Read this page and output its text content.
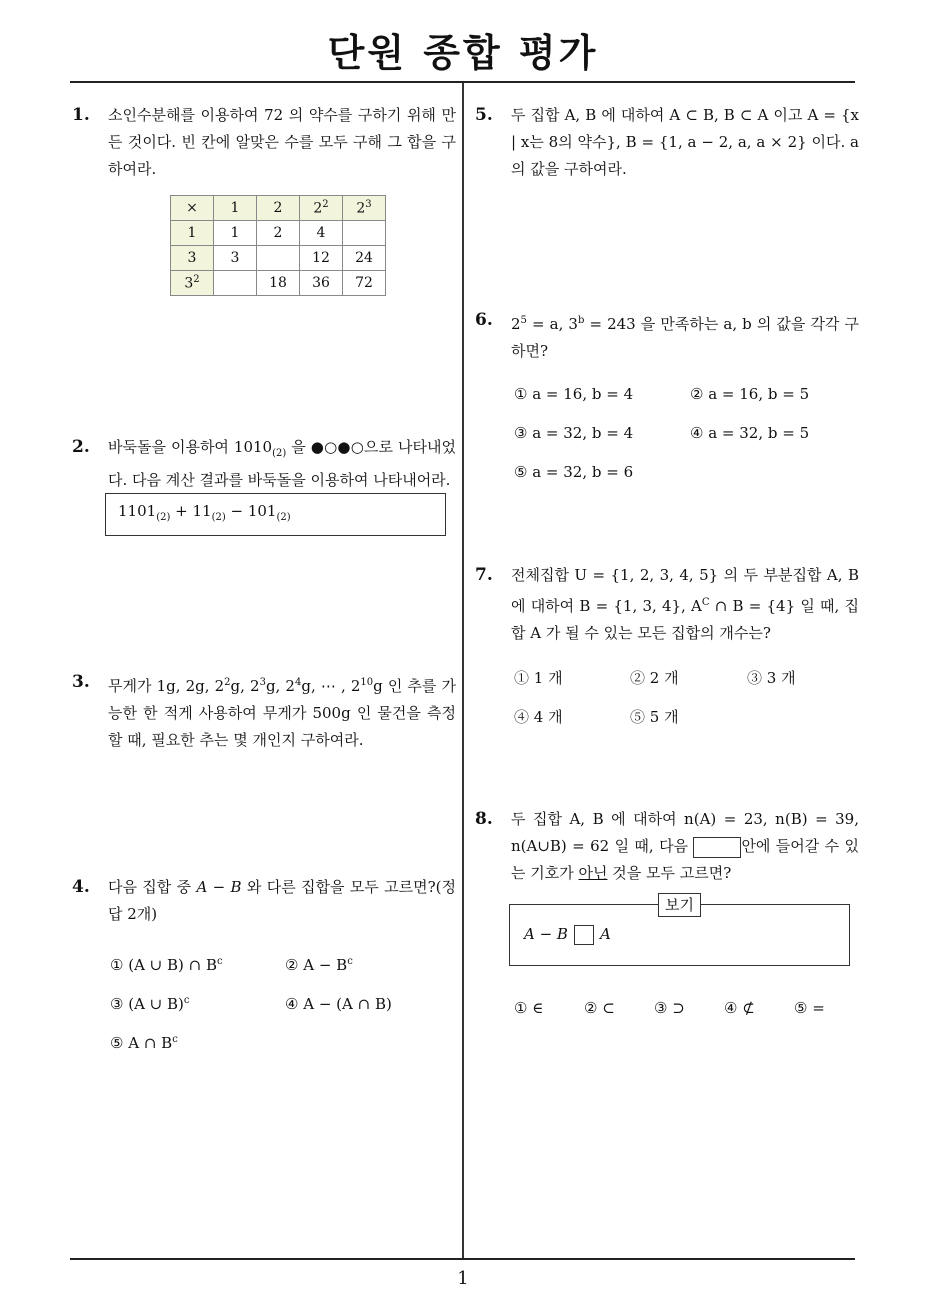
단원 종합 평가
1
1. 소인수분해를 이용하여 72 의 약수를 구하기 위해 만든 것이다. 빈 칸에 알맞은 수를 모두 구해 그 합을 구하여라.
×	1	2	$2^2$	$2^3$
1	1	2	4	
3	3		12	24
$3^2$		18	36	72
2. 바둑돌을 이용하여 $1010_{(2)}$ 을 ●○●○으로 나타내었다. 다음 계산 결과를 바둑돌을 이용하여 나타내어라.
$1101_{(2)} + 11_{(2)} - 101_{(2)}$
3. 무게가 1g, 2g, $2^2g$, $2^3g$, $2^4g$, ⋯ , $2^{10}g$ 인 추를 가능한 한 적게 사용하여 무게가 500g 인 물건을 측정할 때, 필요한 추는 몇 개인지 구하여라.
4. 다음 집합 중 A − B 와 다른 집합을 모두 고르면?(정답 2개)
① (A ∪ B) ∩ $B^c$	② $A - B^c$
③ (A ∪ B)$^c$	④ A − (A ∩ B)
⑤ A ∩ $B^c$
5. 두 집합 A, B 에 대하여 A ⊂ B, B ⊂ A 이고 A = {x | x는 8의 약수}, B = {1, a − 2, a, a × 2} 이다. a 의 값을 구하여라.
6. $2^5 = a$, $3^b = 243$ 을 만족하는 a, b 의 값을 각각 구하면?
① a = 16, b = 4	② a = 16, b = 5
③ a = 32, b = 4	④ a = 32, b = 5
⑤ a = 32, b = 6
7. 전체집합 U = {1, 2, 3, 4, 5} 의 두 부분집합 A, B 에 대하여 B = {1, 3, 4}, $A^C$ ∩ B = {4} 일 때, 집합 A 가 될 수 있는 모든 집합의 개수는?
① 1 개	② 2 개	③ 3 개
④ 4 개	⑤ 5 개
8. 두 집합 A, B 에 대하여 n(A) = 23, n(B) = 39, n(A∪B) = 62 일 때, 다음	안에 들어갈 수 있는 기호가 아닌 것을 모두 고르면?
A − B A
보기
① ∈	② ⊂	③ ⊃	④ ⊄	⑤ =
